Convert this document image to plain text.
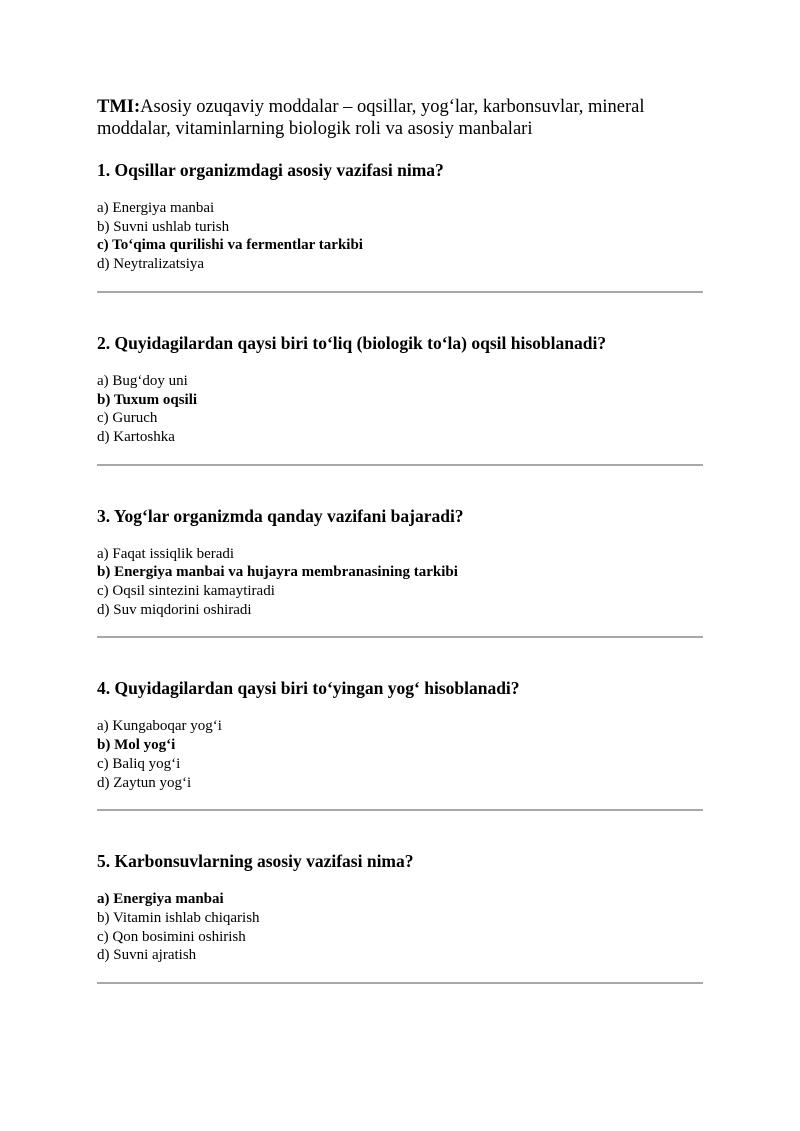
TMI:Asosiy ozuqaviy moddalar – oqsillar, yog‘lar, karbonsuvlar, mineral moddalar, vitaminlarning biologik roli va asosiy manbalari

1. Oqsillar organizmdagi asosiy vazifasi nima?

a) Energiya manbai
b) Suvni ushlab turish
c) To‘qima qurilishi va fermentlar tarkibi
d) Neytralizatsiya

2. Quyidagilardan qaysi biri to‘liq (biologik to‘la) oqsil hisoblanadi?

a) Bug‘doy uni
b) Tuxum oqsili
c) Guruch
d) Kartoshka

3. Yog‘lar organizmda qanday vazifani bajaradi?

a) Faqat issiqlik beradi
b) Energiya manbai va hujayra membranasining tarkibi
c) Oqsil sintezini kamaytiradi
d) Suv miqdorini oshiradi

4. Quyidagilardan qaysi biri to‘yingan yog‘ hisoblanadi?

a) Kungaboqar yog‘i
b) Mol yog‘i
c) Baliq yog‘i
d) Zaytun yog‘i

5. Karbonsuvlarning asosiy vazifasi nima?

a) Energiya manbai
b) Vitamin ishlab chiqarish
c) Qon bosimini oshirish
d) Suvni ajratish
